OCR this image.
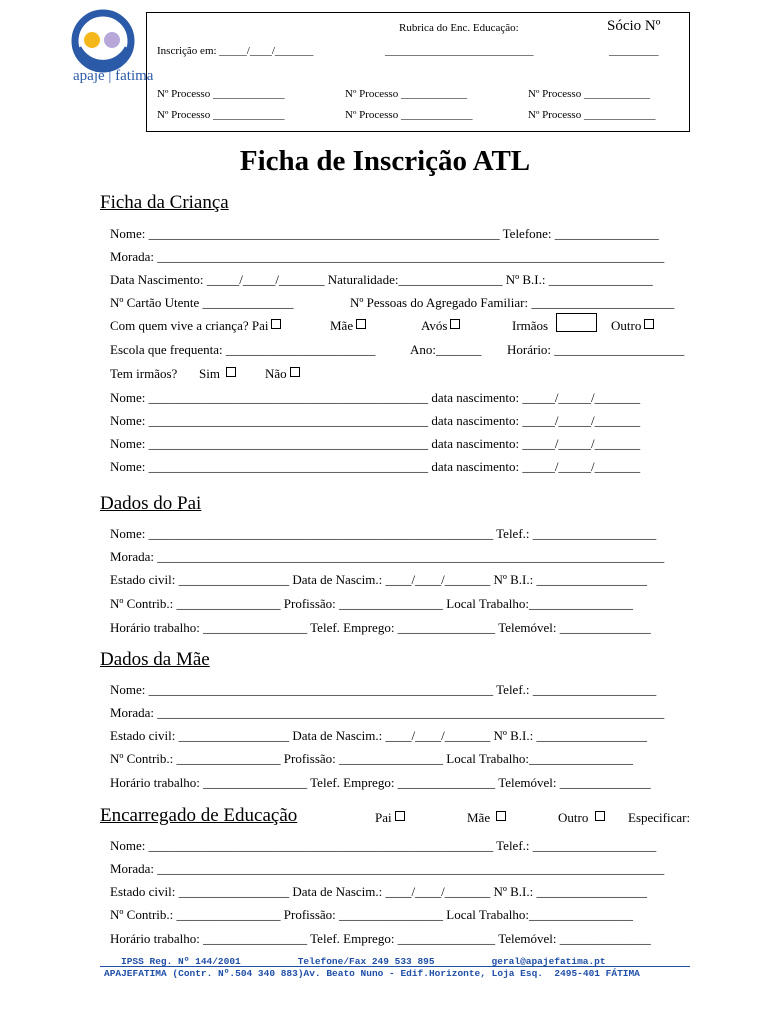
apaje | fatima
Rubrica do Enc. Educação:	Sócio Nº
Inscrição em: _____/____/_______	___________________________	_________
Nº Processo _____________	Nº Processo ____________	Nº Processo ____________
Nº Processo _____________	Nº Processo _____________	Nº Processo _____________
Ficha de Inscrição ATL
Ficha da Criança
Nome: ______________________________________________________ Telefone: ________________
Morada: ______________________________________________________________________________
Data Nascimento: _____/_____/_______ Naturalidade:________________ Nº B.I.: ________________
Nº Cartão Utente ______________	Nº Pessoas do Agregado Familiar: ______________________
Com quem vive a criança? Pai	Mãe	Avós	Irmãos	Outro
Escola que frequenta: _______________________	Ano:_______ Horário: ____________________
Tem irmãos? Sim	Não
Nome: ___________________________________________ data nascimento: _____/_____/_______
Nome: ___________________________________________ data nascimento: _____/_____/_______
Nome: ___________________________________________ data nascimento: _____/_____/_______
Nome: ___________________________________________ data nascimento: _____/_____/_______
Dados do Pai
Nome: _____________________________________________________ Telef.: ___________________
Morada: ______________________________________________________________________________
Estado civil: _________________ Data de Nascim.: ____/____/_______ Nº B.I.: _________________
Nº Contrib.: ________________ Profissão: ________________ Local Trabalho:________________
Horário trabalho: ________________ Telef. Emprego: _______________ Telemóvel: ______________
Dados da Mãe
Nome: _____________________________________________________ Telef.: ___________________
Morada: ______________________________________________________________________________
Estado civil: _________________ Data de Nascim.: ____/____/_______ Nº B.I.: _________________
Nº Contrib.: ________________ Profissão: ________________ Local Trabalho:________________
Horário trabalho: ________________ Telef. Emprego: _______________ Telemóvel: ______________
Encarregado de Educação	Pai	Mãe	Outro	Especificar:
Nome: _____________________________________________________ Telef.: ___________________
Morada: ______________________________________________________________________________
Estado civil: _________________ Data de Nascim.: ____/____/_______ Nº B.I.: _________________
Nº Contrib.: ________________ Profissão: ________________ Local Trabalho:________________
Horário trabalho: ________________ Telef. Emprego: _______________ Telemóvel: ______________
IPSS Reg. Nº 144/2001          Telefone/Fax 249 533 895          geral@apajefatima.pt
APAJEFATIMA (Contr. Nº.504 340 883)Av. Beato Nuno - Edif.Horizonte, Loja Esq.  2495-401 FÁTIMA
